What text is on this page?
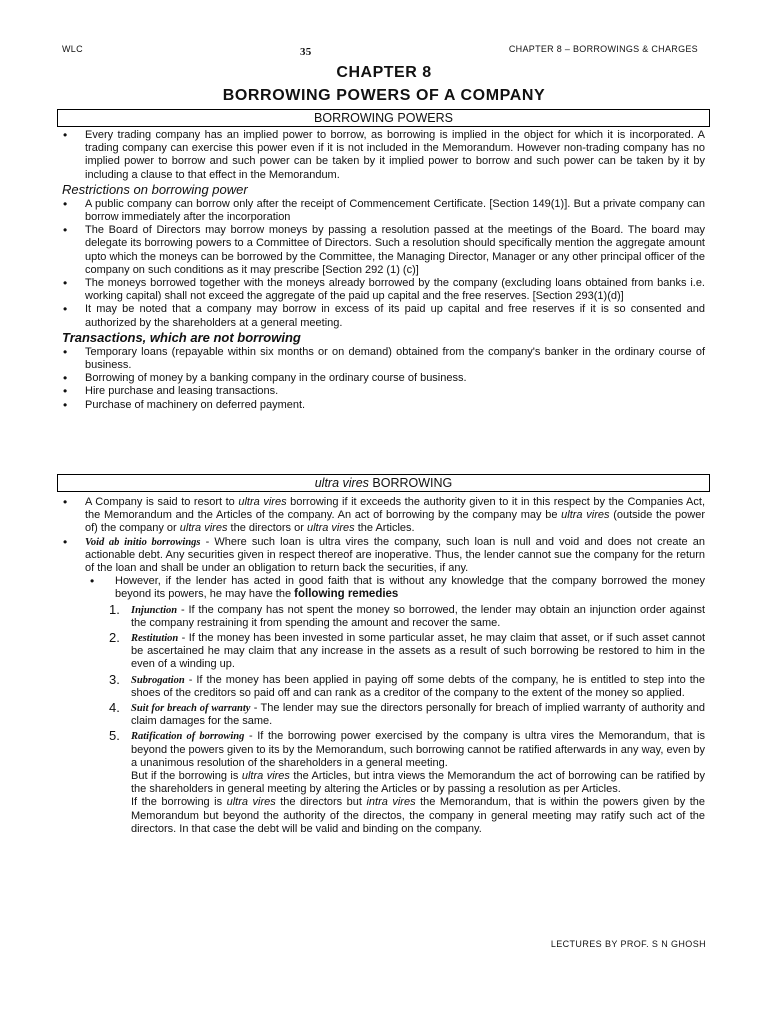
WLC	35	CHAPTER 8 – BORROWINGS & CHARGES
CHAPTER 8
BORROWING POWERS OF A COMPANY
BORROWING POWERS
• Every trading company has an implied power to borrow, as borrowing is implied in the object for which it is incorporated. A trading company can exercise this power even if it is not included in the Memorandum. However non-trading company has no implied power to borrow and such power can be taken by it implied power to borrow and such power can be taken by it by including a clause to that effect in the Memorandum.
Restrictions on borrowing power
• A public company can borrow only after the receipt of Commencement Certificate. [Section 149(1)]. But a private company can borrow immediately after the incorporation
• The Board of Directors may borrow moneys by passing a resolution passed at the meetings of the Board. The board may delegate its borrowing powers to a Committee of Directors. Such a resolution should specifically mention the aggregate amount upto which the moneys can be borrowed by the Committee, the Managing Director, Manager or any other principal officer of the company on such conditions as it may prescribe [Section 292 (1) (c)]
• The moneys borrowed together with the moneys already borrowed by the company (excluding loans obtained from banks i.e. working capital) shall not exceed the aggregate of the paid up capital and the free reserves. [Section 293(1)(d)]
• It may be noted that a company may borrow in excess of its paid up capital and free reserves if it is so consented and authorized by the shareholders at a general meeting.
Transactions, which are not borrowing
• Temporary loans (repayable within six months or on demand) obtained from the company's banker in the ordinary course of business.
• Borrowing of money by a banking company in the ordinary course of business.
• Hire purchase and leasing transactions.
• Purchase of machinery on deferred payment.
ultra vires BORROWING
• A Company is said to resort to ultra vires borrowing if it exceeds the authority given to it in this respect by the Companies Act, the Memorandum and the Articles of the company. An act of borrowing by the company may be ultra vires (outside the power of) the company or ultra vires the directors or ultra vires the Articles.
• Void ab initio borrowings - Where such loan is ultra vires the company, such loan is null and void and does not create an actionable debt. Any securities given in respect thereof are inoperative. Thus, the lender cannot sue the company for the return of the loan and shall be under an obligation to return back the securities, if any.
• However, if the lender has acted in good faith that is without any knowledge that the company borrowed the money beyond its powers, he may have the following remedies
1. Injunction - If the company has not spent the money so borrowed, the lender may obtain an injunction order against the company restraining it from spending the amount and recover the same.
2. Restitution - If the money has been invested in some particular asset, he may claim that asset, or if such asset cannot be ascertained he may claim that any increase in the assets as a result of such borrowing be restored to him in the even of a winding up.
3. Subrogation - If the money has been applied in paying off some debts of the company, he is entitled to step into the shoes of the creditors so paid off and can rank as a creditor of the company to the extent of the money so applied.
4. Suit for breach of warranty - The lender may sue the directors personally for breach of implied warranty of authority and claim damages for the same.
5. Ratification of borrowing - If the borrowing power exercised by the company is ultra vires the Memorandum, that is beyond the powers given to its by the Memorandum, such borrowing cannot be ratified afterwards in any way, even by a unanimous resolution of the shareholders in a general meeting.
But if the borrowing is ultra vires the Articles, but intra views the Memorandum the act of borrowing can be ratified by the shareholders in general meeting by altering the Articles or by passing a resolution as per Articles.
If the borrowing is ultra vires the directors but intra vires the Memorandum, that is within the powers given by the Memorandum but beyond the authority of the directos, the company in general meeting may ratify such act of the directors. In that case the debt will be valid and binding on the company.
LECTURES BY PROF. S N GHOSH
